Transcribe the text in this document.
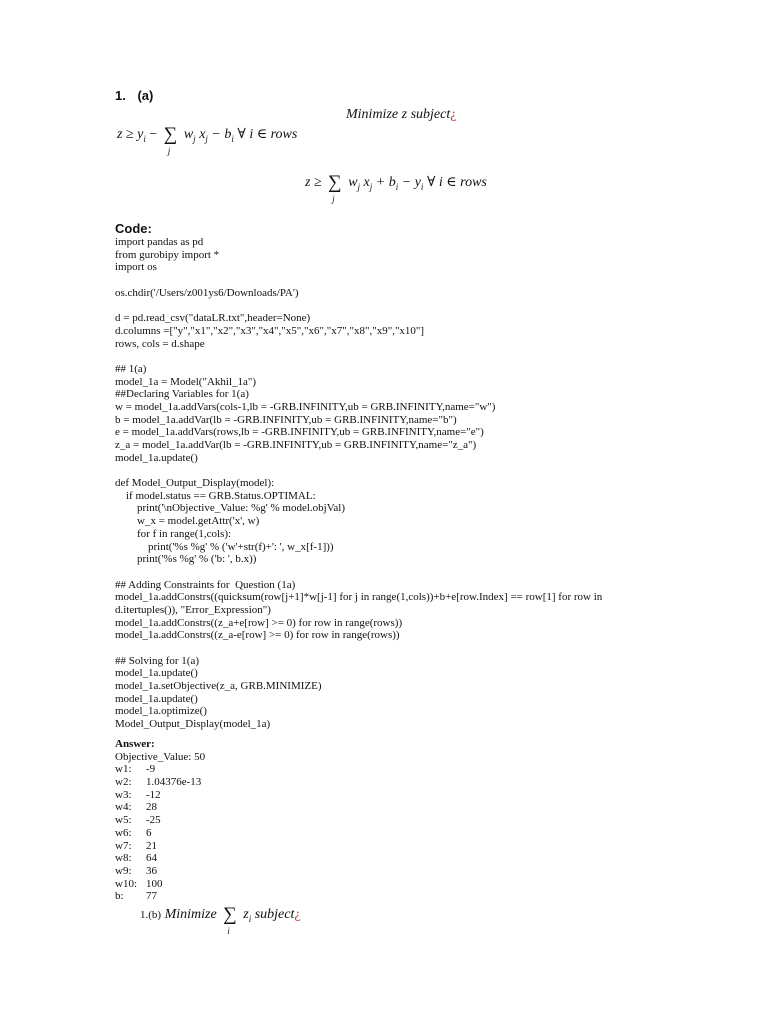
1. (a)
Minimize z subject¿
$z \ge y_i$ − ∑
j
$w_j$ $x_j - b_i$ ∀ i ∈ rows
z ≥ ∑
j
$w_j$ $x_j + b_i - y_i$ ∀ i ∈ rows
Code:
import pandas as pd
from gurobipy import *
import os
os.chdir('/Users/z001ys6/Downloads/PA')
d = pd.read_csv("dataLR.txt",header=None)
d.columns =["y","x1","x2","x3","x4","x5","x6","x7","x8","x9","x10"]
rows, cols = d.shape
## 1(a)
model_1a = Model("Akhil_1a")
##Declaring Variables for 1(a)
w = model_1a.addVars(cols-1,lb = -GRB.INFINITY,ub = GRB.INFINITY,name="w")
b = model_1a.addVar(lb = -GRB.INFINITY,ub = GRB.INFINITY,name="b")
e = model_1a.addVars(rows,lb = -GRB.INFINITY,ub = GRB.INFINITY,name="e")
z_a = model_1a.addVar(lb = -GRB.INFINITY,ub = GRB.INFINITY,name="z_a")
model_1a.update()
def Model_Output_Display(model):
if model.status == GRB.Status.OPTIMAL:
print('\nObjective_Value: %g' % model.objVal)
w_x = model.getAttr('x', w)
for f in range(1,cols):
print('%s %g' % ('w'+str(f)+': ', w_x[f-1]))
print('%s %g' % ('b: ', b.x))
## Adding Constraints for  Question (1a)
model_1a.addConstrs((quicksum(row[j+1]*w[j-1] for j in range(1,cols))+b+e[row.Index] == row[1] for row in
d.itertuples()), "Error_Expression")
model_1a.addConstrs((z_a+e[row] >= 0) for row in range(rows))
model_1a.addConstrs((z_a-e[row] >= 0) for row in range(rows))
## Solving for 1(a)
model_1a.update()
model_1a.setObjective(z_a, GRB.MINIMIZE)
model_1a.update()
model_1a.optimize()
Model_Output_Display(model_1a)
Answer:
Objective_Value: 50
w1: -9
w2: 1.04376e-13
w3: -12
w4: 28
w5: -25
w6: 6
w7: 21
w8: 64
w9: 36
w10: 100
b: 77
1.(b) Minimize ∑
i
$z_i$ subject¿
